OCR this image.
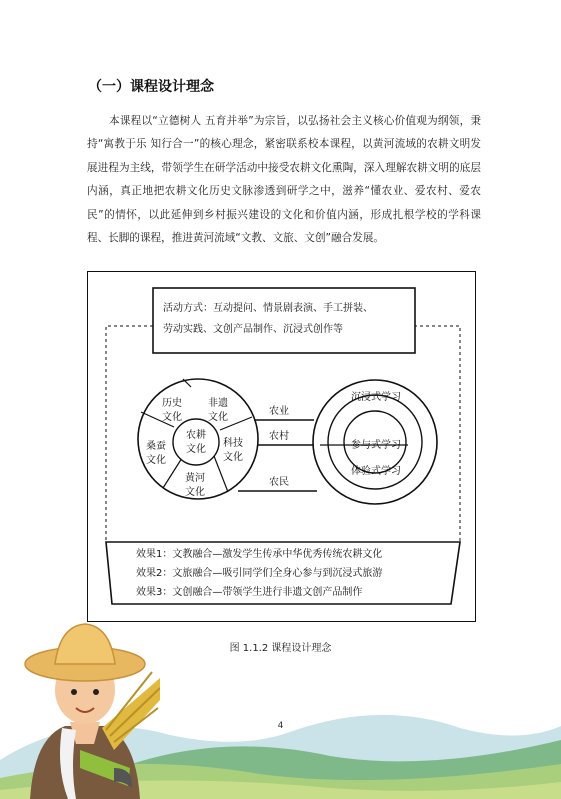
（一）课程设计理念
本课程以“立德树人 五育并举”为宗旨，以弘扬社会主义核心价值观为纲领，秉持“寓教于乐 知行合一”的核心理念，紧密联系校本课程，以黄河流域的农耕文明发展进程为主线，带领学生在研学活动中接受农耕文化熏陶，深入理解农耕文明的底层内涵，真正地把农耕文化历史文脉渗透到研学之中，滋养“懂农业、爱农村、爱农民”的情怀，以此延伸到乡村振兴建设的文化和价值内涵，形成扎根学校的学科课程、长脚的课程，推进黄河流域“文教、文旅、文创”融合发展。
活动方式：互动提问、情景剧表演、手工拼装、
劳动实践、文创产品制作、沉浸式创作等
农耕
文化
历史
文化
非遗
文化
科技
文化
黄河
文化
桑蚕
文化
农业
农村
农民
沉浸式学习
参与式学习
体验式学习
效果1：文教融合—激发学生传承中华优秀传统农耕文化
效果2：文旅融合—吸引同学们全身心参与到沉浸式旅游
效果3：文创融合—带领学生进行非遗文创产品制作
图 1.1.2 课程设计理念
4
